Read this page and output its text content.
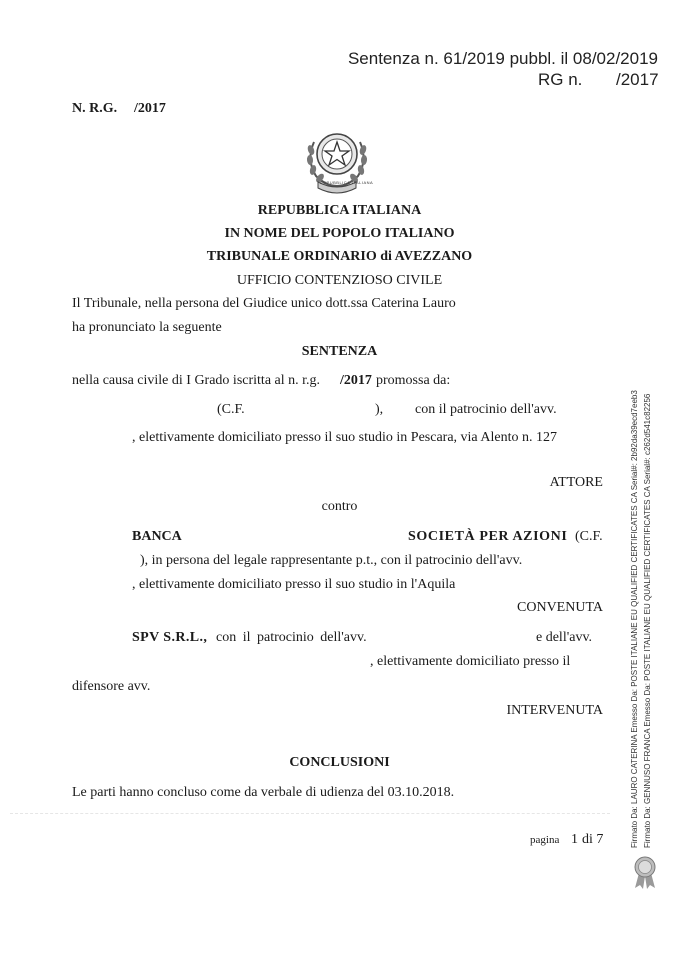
Sentenza n. 61/2019 pubbl. il 08/02/2019
RG n. /2017
N. R.G. /2017
REPUBBLICA ITALIANA
REPUBBLICA ITALIANA
IN NOME DEL POPOLO ITALIANO
TRIBUNALE ORDINARIO di AVEZZANO
UFFICIO CONTENZIOSO CIVILE
Il Tribunale, nella persona del Giudice unico dott.ssa Caterina Lauro
ha pronunciato la seguente
SENTENZA
nella causa civile di I Grado iscritta al n. r.g. /2017 promossa da:
(C.F.	), con il patrocinio dell'avv.
, elettivamente domiciliato presso il suo studio in Pescara, via Alento n. 127
ATTORE
contro
BANCA	SOCIETÀ PER AZIONI (C.F.
), in persona del legale rappresentante p.t., con il patrocinio dell'avv.
, elettivamente domiciliato presso il suo studio in l'Aquila
CONVENUTA
SPV S.R.L., con il patrocinio dell'avv.	e dell'avv.
, elettivamente domiciliato presso il
difensore avv.
INTERVENUTA
CONCLUSIONI
Le parti hanno concluso come da verbale di udienza del 03.10.2018.
pagina 1 di 7	Firmato Da: LAURO CATERINA Emesso Da: POSTE ITALIANE EU QUALIFIED CERTIFICATES CA Serial#: 2b92da39ecd7eeb3 Firmato Da: GENNUSO FRANCA Emesso Da: POSTE ITALIANE EU QUALIFIED CERTIFICATES CA Serial#: c262d541c82256
